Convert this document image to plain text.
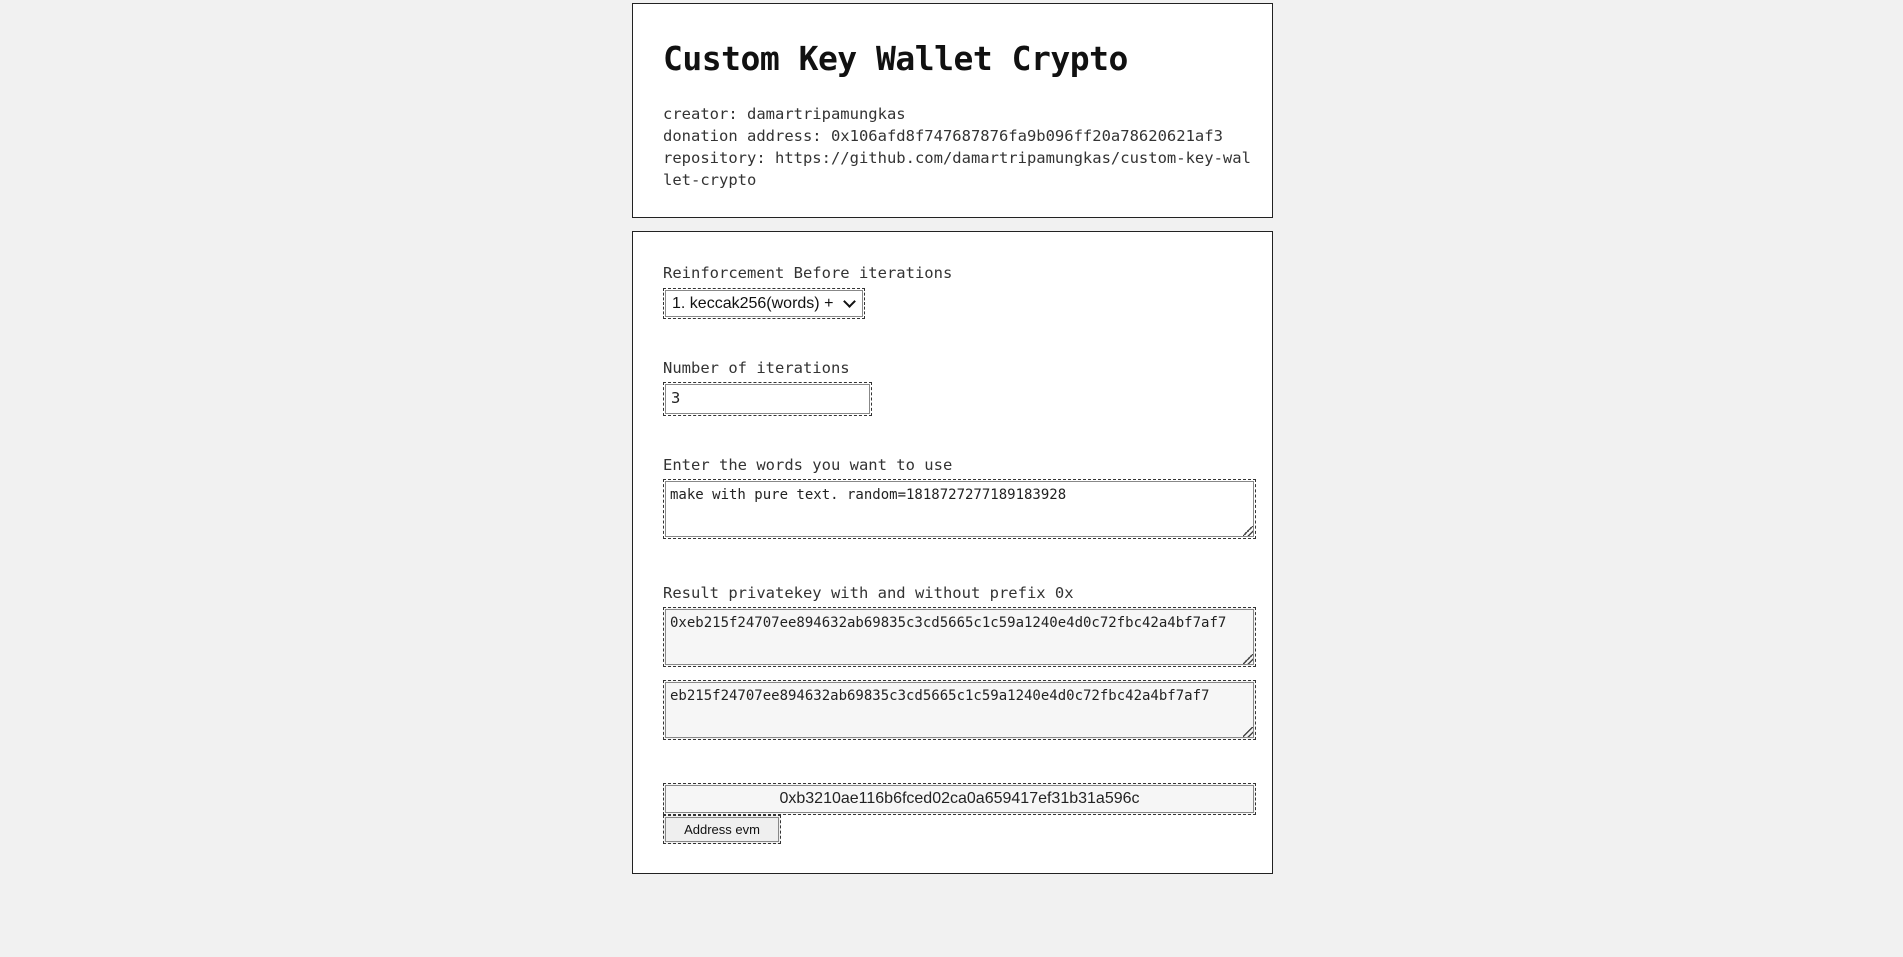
Custom Key Wallet Crypto
creator: damartripamungkas
donation address: 0x106afd8f747687876fa9b096ff20a78620621af3
repository: https://github.com/damartripamungkas/custom-key-wallet-crypto
Reinforcement Before iterations
1. keccak256(words) +
Number of iterations
3
Enter the words you want to use
make with pure text. random=1818727277189183928
Result privatekey with and without prefix 0x
0xeb215f24707ee894632ab69835c3cd5665c1c59a1240e4d0c72fbc42a4bf7af7
eb215f24707ee894632ab69835c3cd5665c1c59a1240e4d0c72fbc42a4bf7af7
0xb3210ae116b6fced02ca0a659417ef31b31a596c
Address evm
